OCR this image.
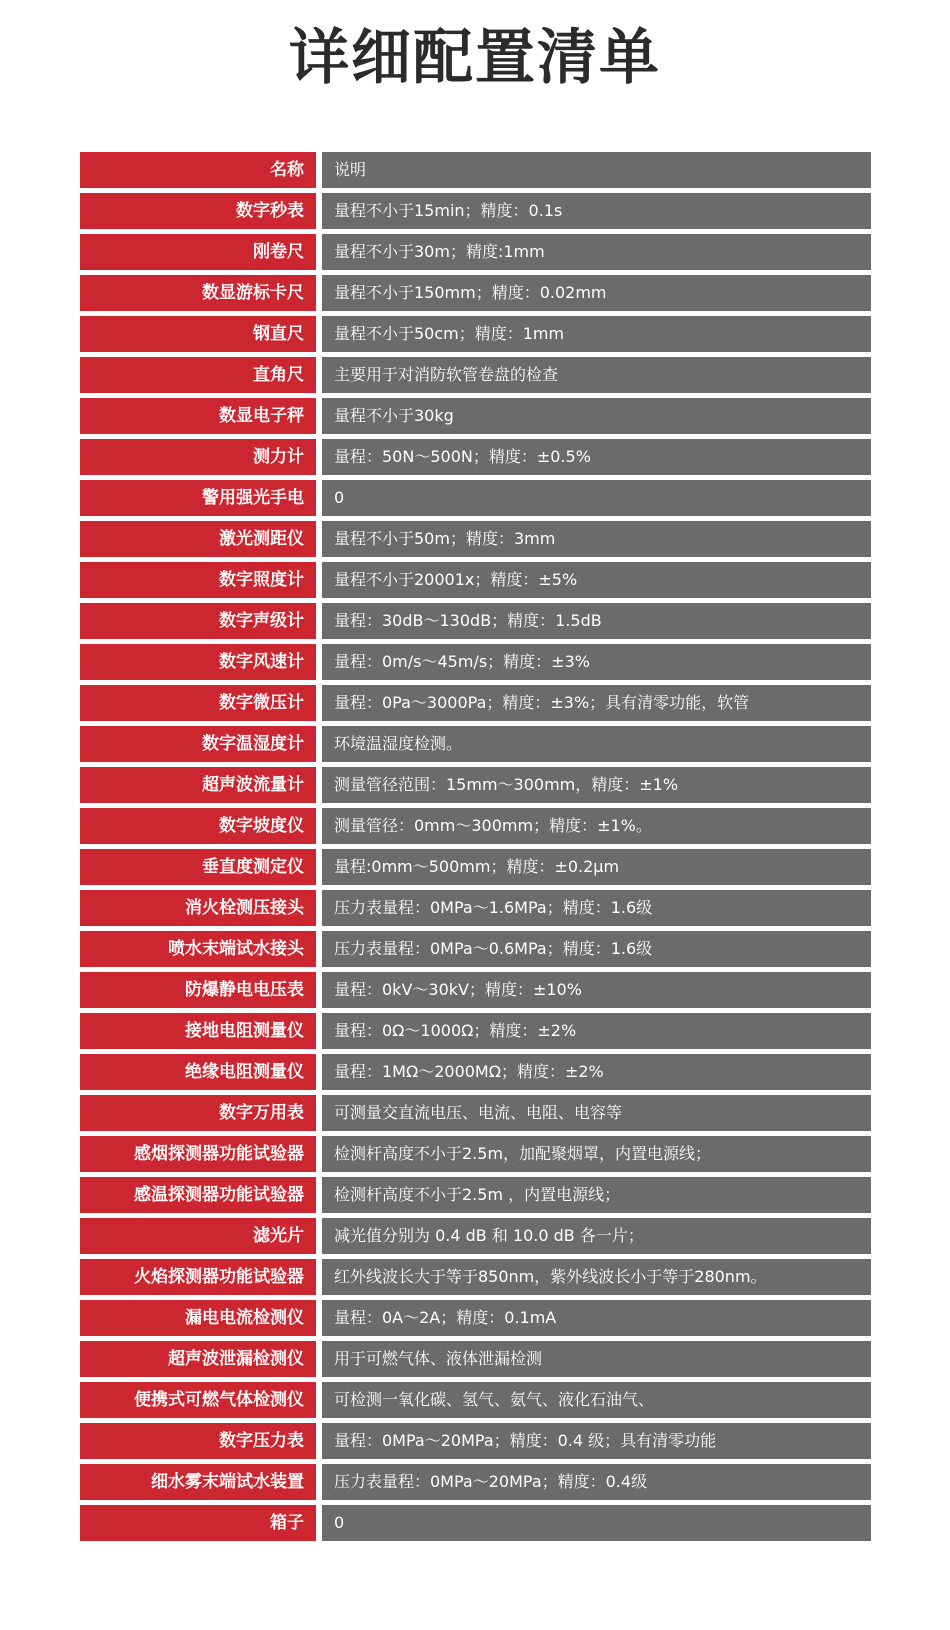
详细配置清单
名称	说明
数字秒表	量程不小于15min；精度：0.1s
刚卷尺	量程不小于30m；精度:1mm
数显游标卡尺	量程不小于150mm；精度：0.02mm
钢直尺	量程不小于50cm；精度：1mm
直角尺	主要用于对消防软管卷盘的检查
数显电子秤	量程不小于30kg
测力计	量程：50N～500N；精度：±0.5%
警用强光手电	0
激光测距仪	量程不小于50m；精度：3mm
数字照度计	量程不小于20001x；精度：±5%
数字声级计	量程：30dB～130dB；精度：1.5dB
数字风速计	量程：0m/s～45m/s；精度：±3%
数字微压计	量程：0Pa～3000Pa；精度：±3%；具有清零功能，软管
数字温湿度计	环境温湿度检测。
超声波流量计	测量管径范围：15mm～300mm，精度：±1%
数字坡度仪	测量管径：0mm～300mm；精度：±1%。
垂直度测定仪	量程:0mm～500mm；精度：±0.2μm
消火栓测压接头	压力表量程：0MPa～1.6MPa；精度：1.6级
喷水末端试水接头	压力表量程：0MPa～0.6MPa；精度：1.6级
防爆静电电压表	量程：0kV～30kV；精度：±10%
接地电阻测量仪	量程：0Ω～1000Ω；精度：±2%
绝缘电阻测量仪	量程：1MΩ～2000MΩ；精度：±2%
数字万用表	可测量交直流电压、电流、电阻、电容等
感烟探测器功能试验器	检测杆高度不小于2.5m，加配聚烟罩，内置电源线；
感温探测器功能试验器	检测杆高度不小于2.5m ，内置电源线；
滤光片	减光值分别为 0.4 dB 和 10.0 dB 各一片；
火焰探测器功能试验器	红外线波长大于等于850nm，紫外线波长小于等于280nm。
漏电电流检测仪	量程：0A～2A；精度：0.1mA
超声波泄漏检测仪	用于可燃气体、液体泄漏检测
便携式可燃气体检测仪	可检测一氧化碳、氢气、氨气、液化石油气、
数字压力表	量程：0MPa～20MPa；精度：0.4 级；具有清零功能
细水雾末端试水装置	压力表量程：0MPa～20MPa；精度：0.4级
箱子	0
